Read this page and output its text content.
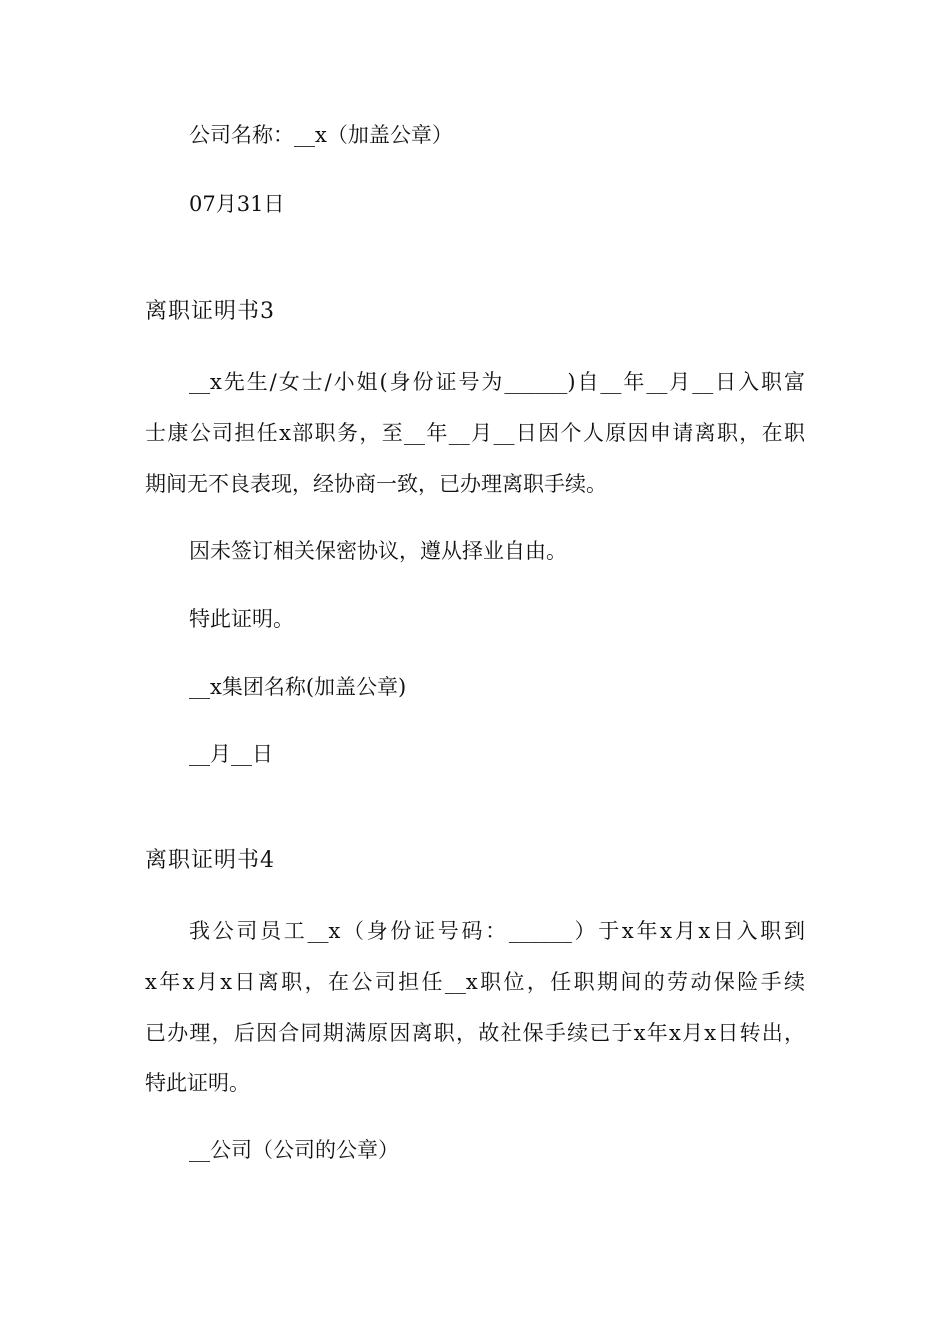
公司名称：__x（加盖公章）
07月31日
离职证明书3
__x先生/女士/小姐(身份证号为______)自__年__月__日入职富
士康公司担任x部职务，至__年__月__日因个人原因申请离职，在职
期间无不良表现，经协商一致，已办理离职手续。
因未签订相关保密协议，遵从择业自由。
特此证明。
__x集团名称(加盖公章)
__月__日
离职证明书4
我公司员工__x（身份证号码：______）于x年x月x日入职到
x年x月x日离职，在公司担任__x职位，任职期间的劳动保险手续
已办理，后因合同期满原因离职，故社保手续已于x年x月x日转出，
特此证明。
__公司（公司的公章）
